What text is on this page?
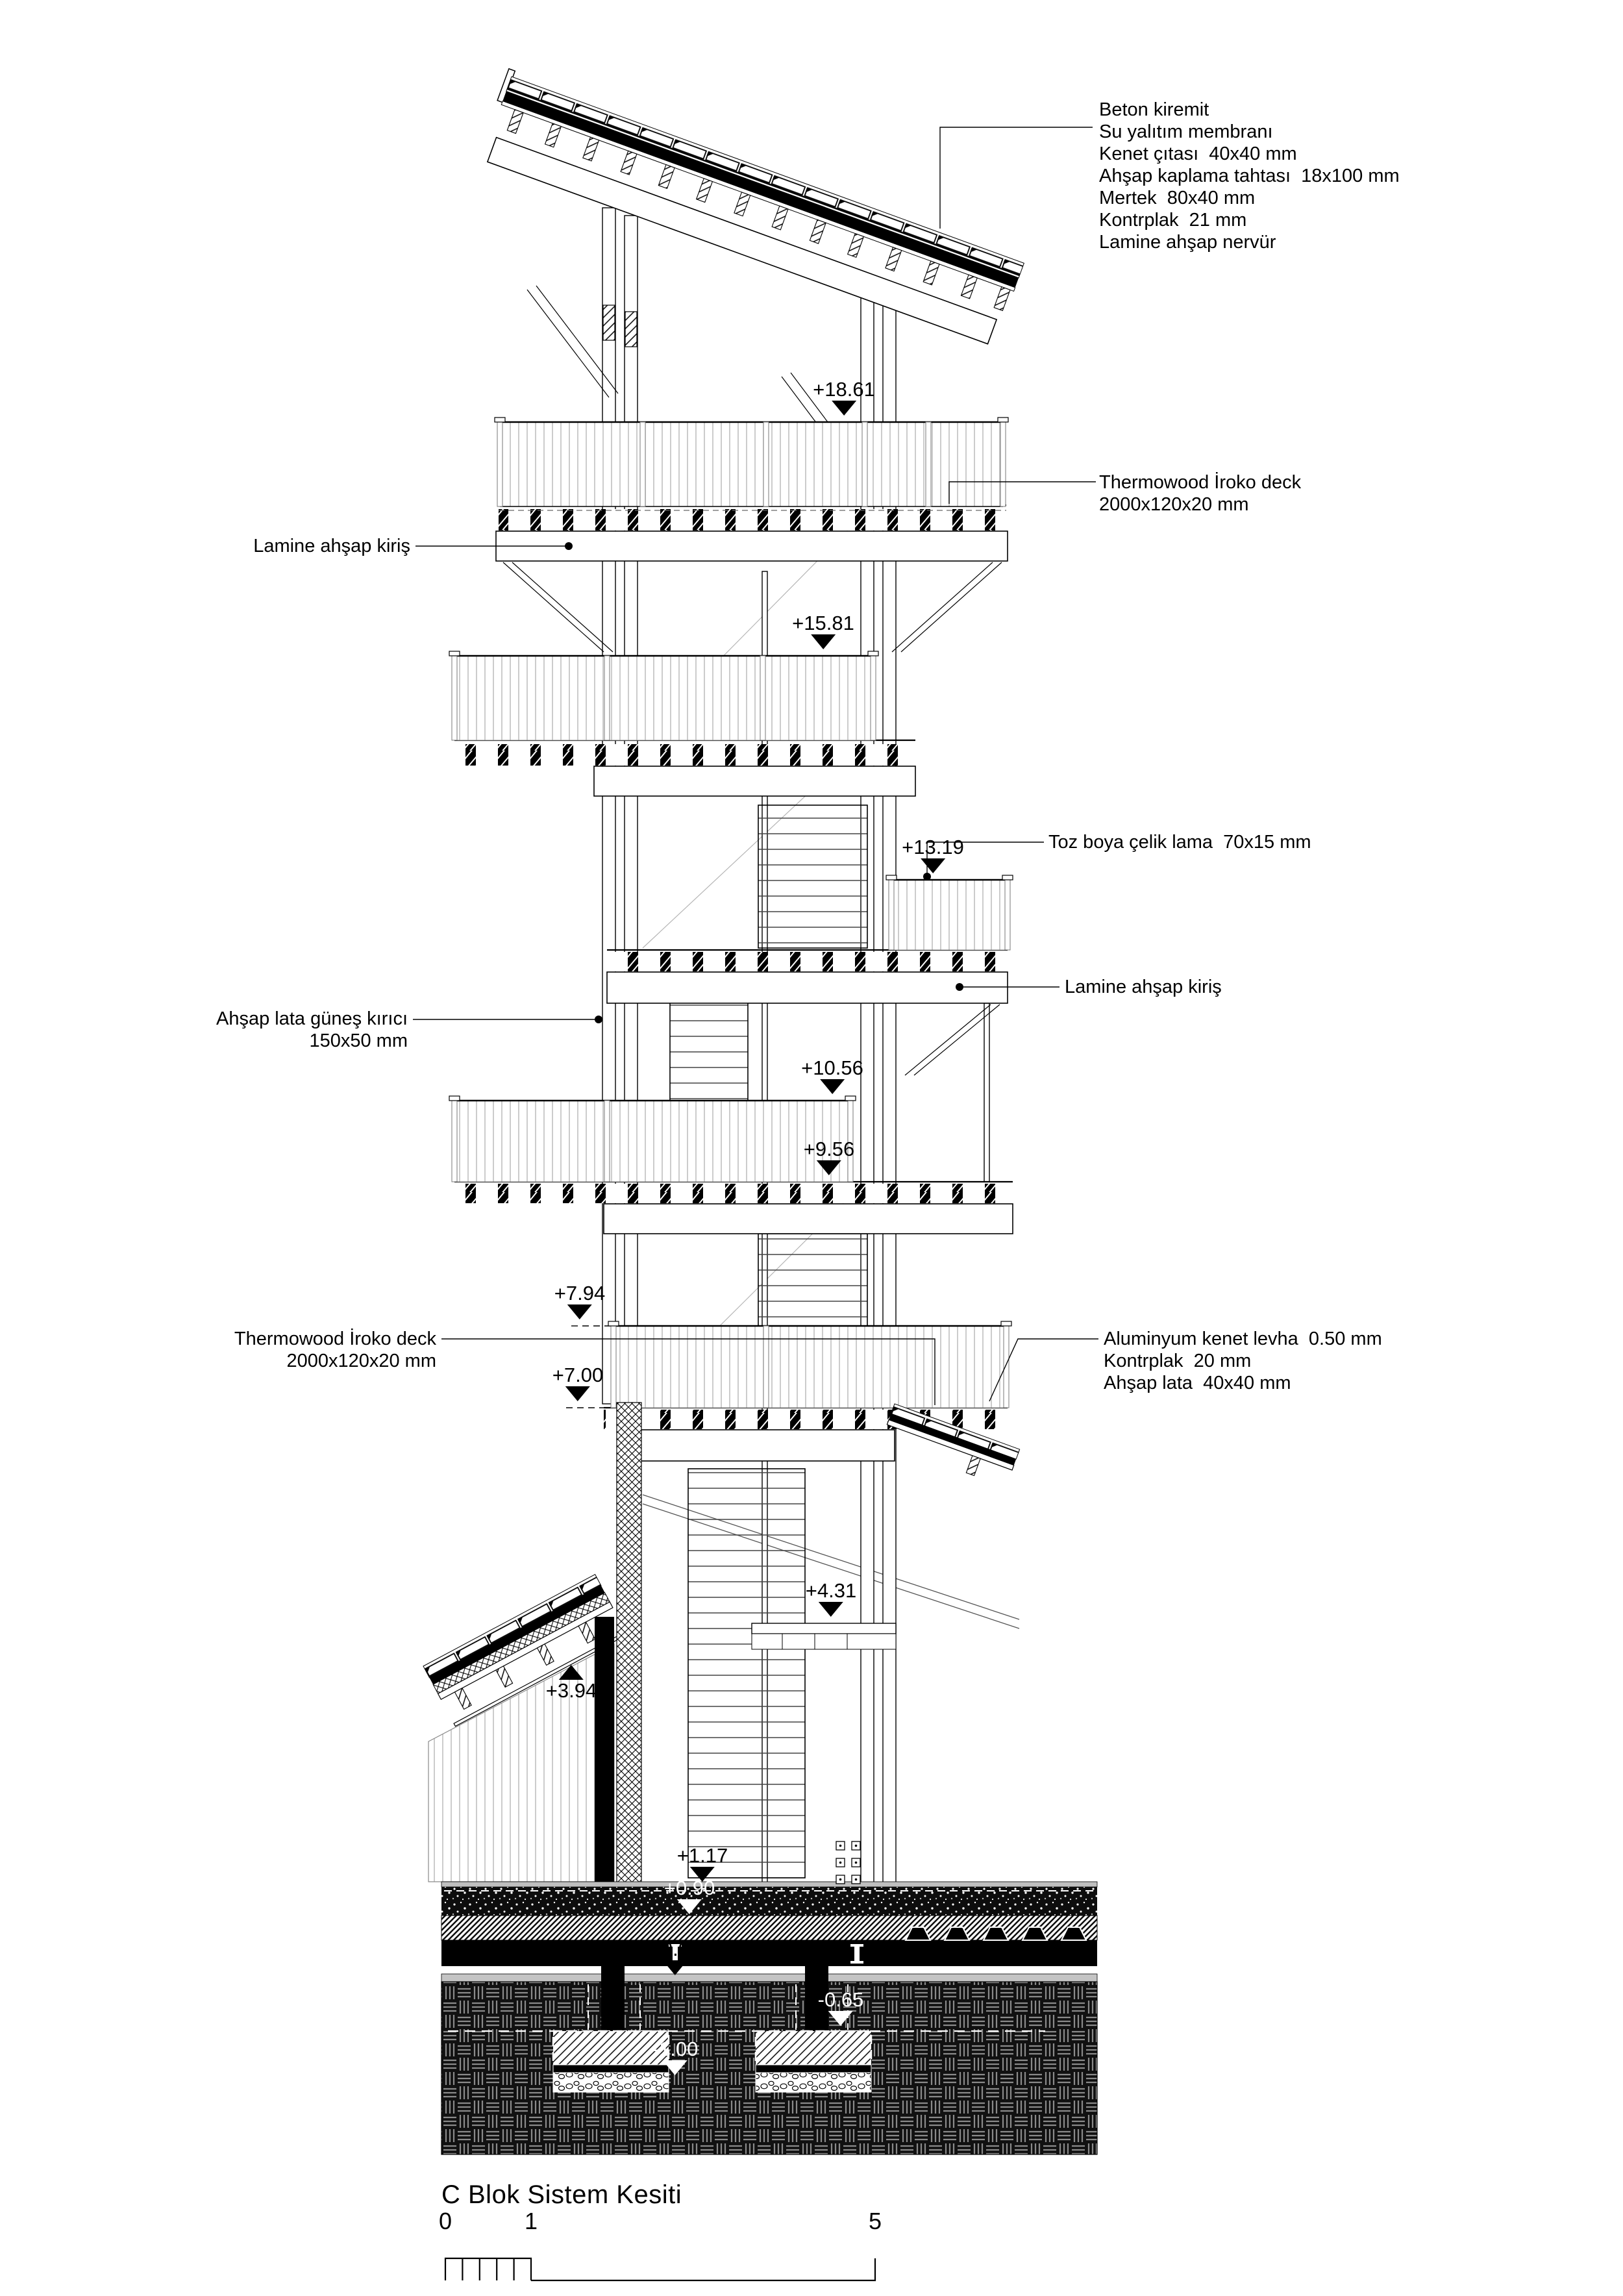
Beton kiremit
Su yalıtım membranı
Kenet çıtası  40x40 mm
Ahşap kaplama tahtası  18x100 mm
Mertek  80x40 mm
Kontrplak  21 mm
Lamine ahşap nervür
Thermowood İroko deck
2000x120x20 mm
Lamine ahşap kiriş
Toz boya çelik lama  70x15 mm
Lamine ahşap kiriş
Ahşap lata güneş kırıcı
150x50 mm
Thermowood İroko deck
2000x120x20 mm
Aluminyum kenet levha  0.50 mm
Kontrplak  20 mm
Ahşap lata  40x40 mm
+18.61
+15.81
+13.19
+10.56
+9.56
+7.94
+7.00
+4.31
+3.94
+1.17
+0.90
+0.00
-0.65
-1.00
C Blok Sistem Kesiti
0	1	5
